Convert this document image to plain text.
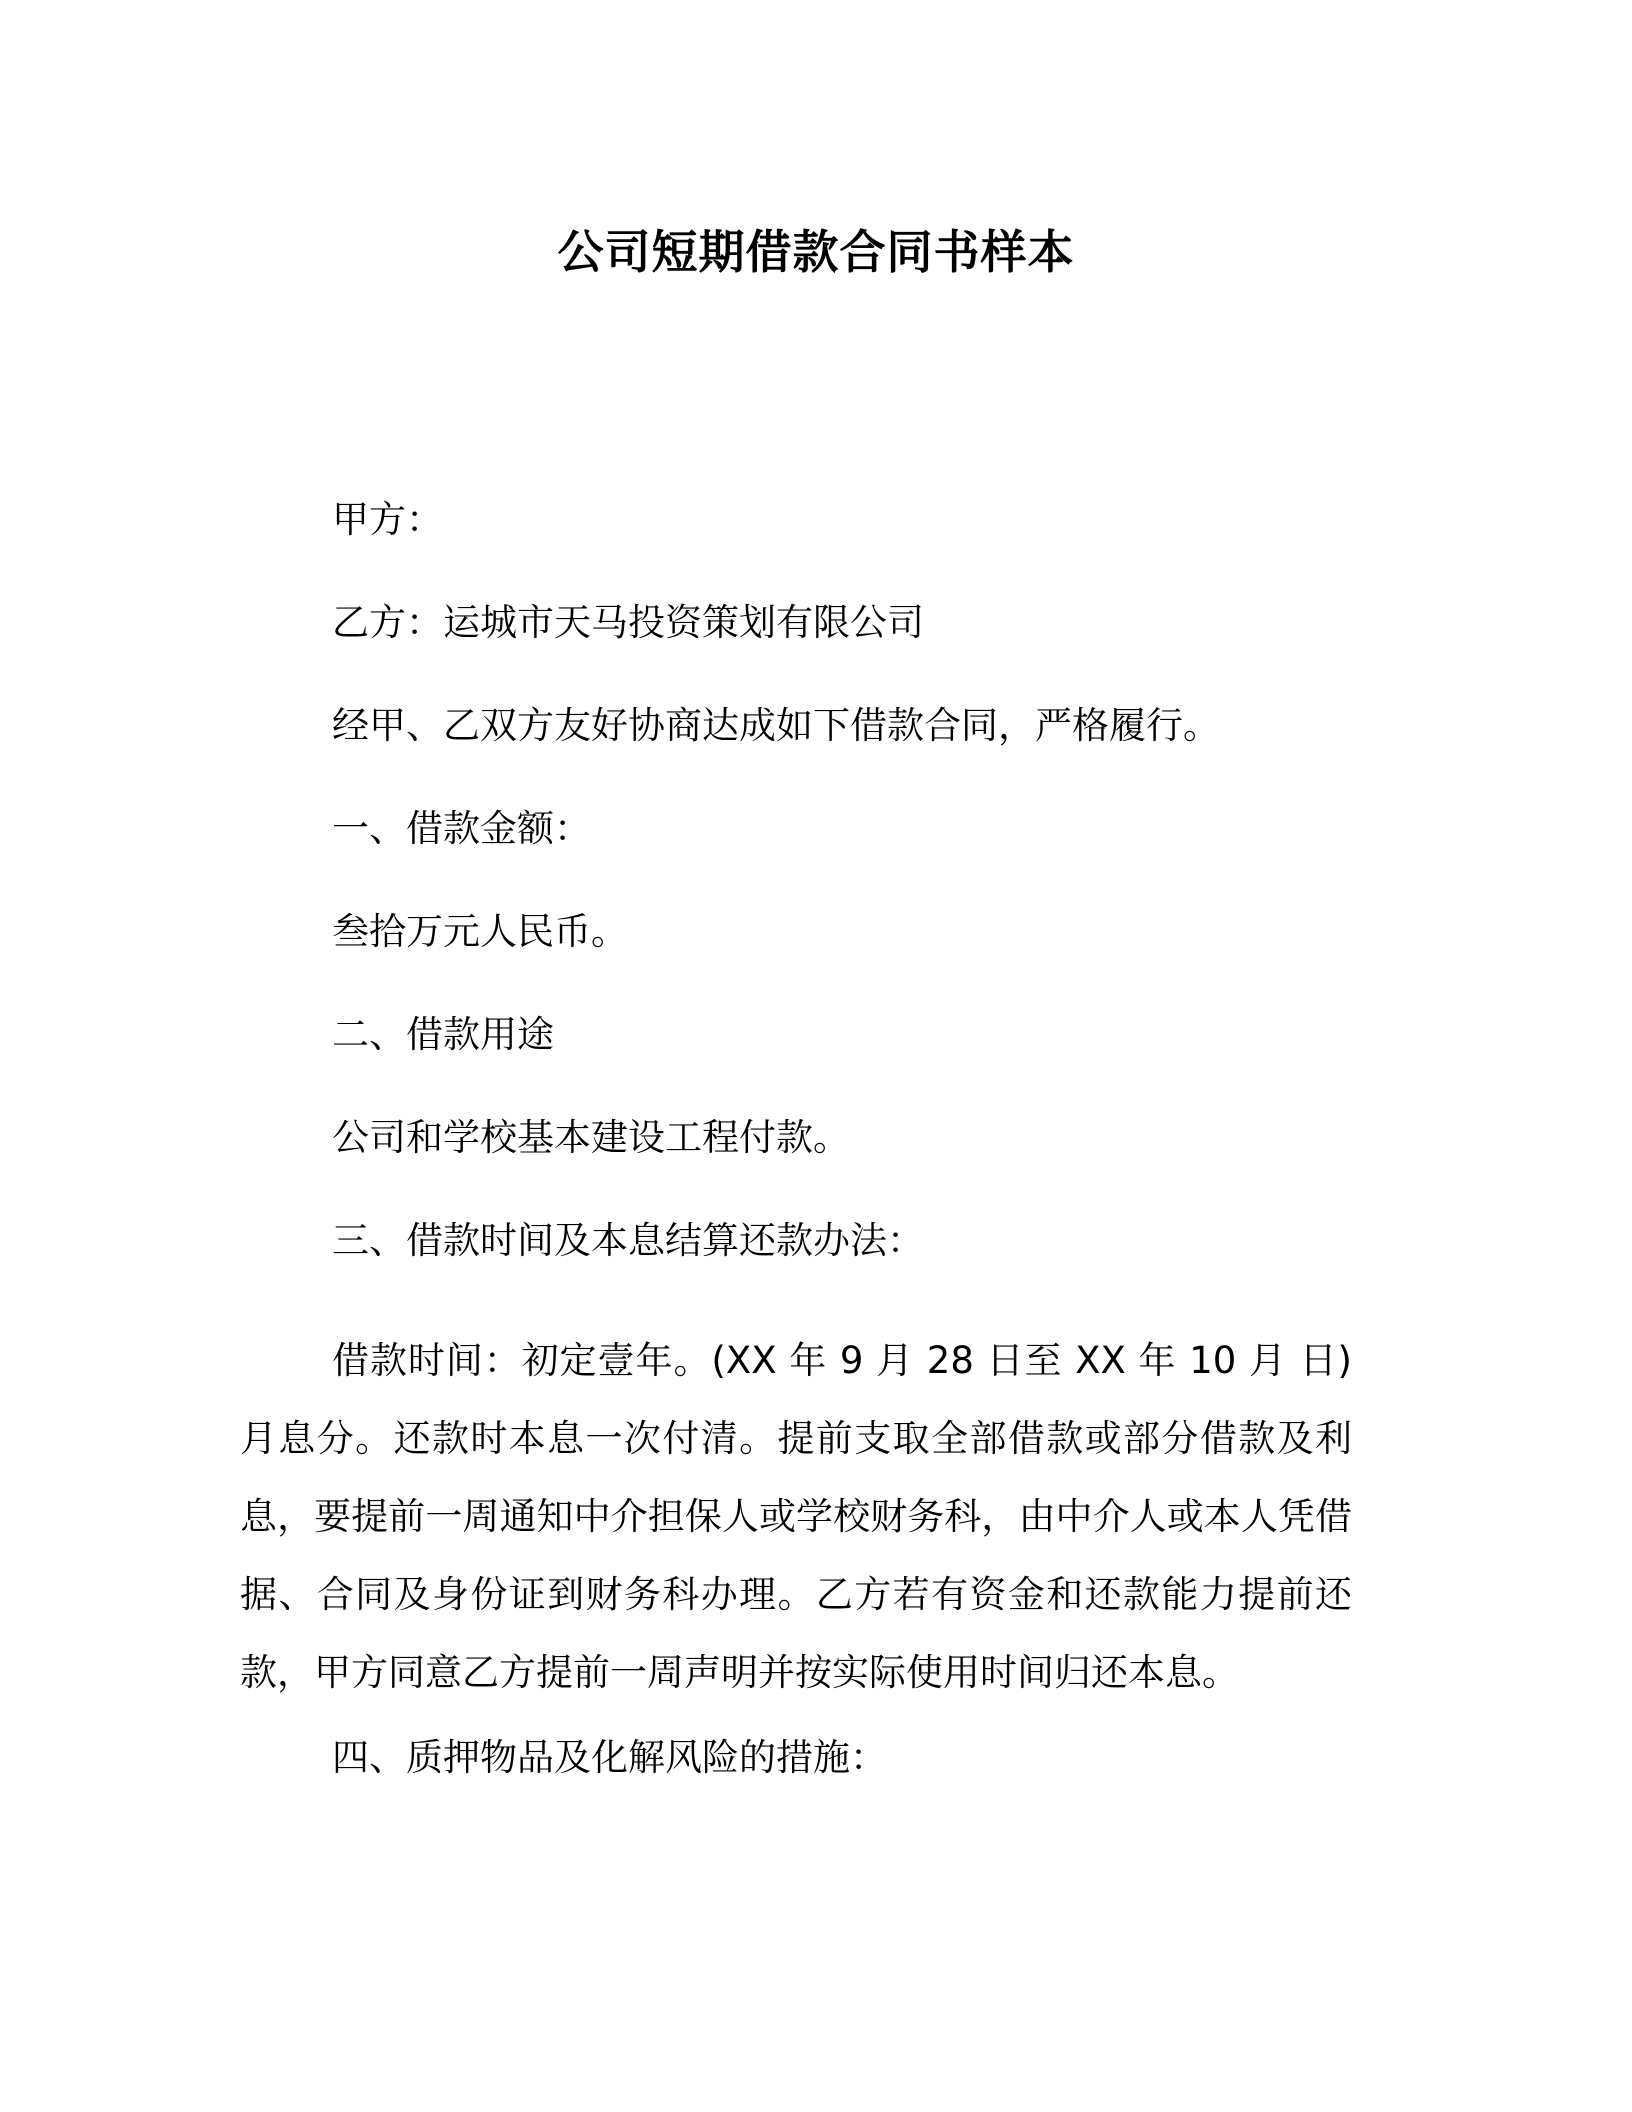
公司短期借款合同书样本

甲方：

乙方：运城市天马投资策划有限公司

经甲、乙双方友好协商达成如下借款合同，严格履行。

一、借款金额：

叁拾万元人民币。

二、借款用途

公司和学校基本建设工程付款。

三、借款时间及本息结算还款办法：

借款时间：初定壹年。(XX 年 9 月 28 日至 XX 年 10 月 日)月息分。还款时本息一次付清。提前支取全部借款或部分借款及利息，要提前一周通知中介担保人或学校财务科，由中介人或本人凭借据、合同及身份证到财务科办理。乙方若有资金和还款能力提前还款，甲方同意乙方提前一周声明并按实际使用时间归还本息。

四、质押物品及化解风险的措施：
